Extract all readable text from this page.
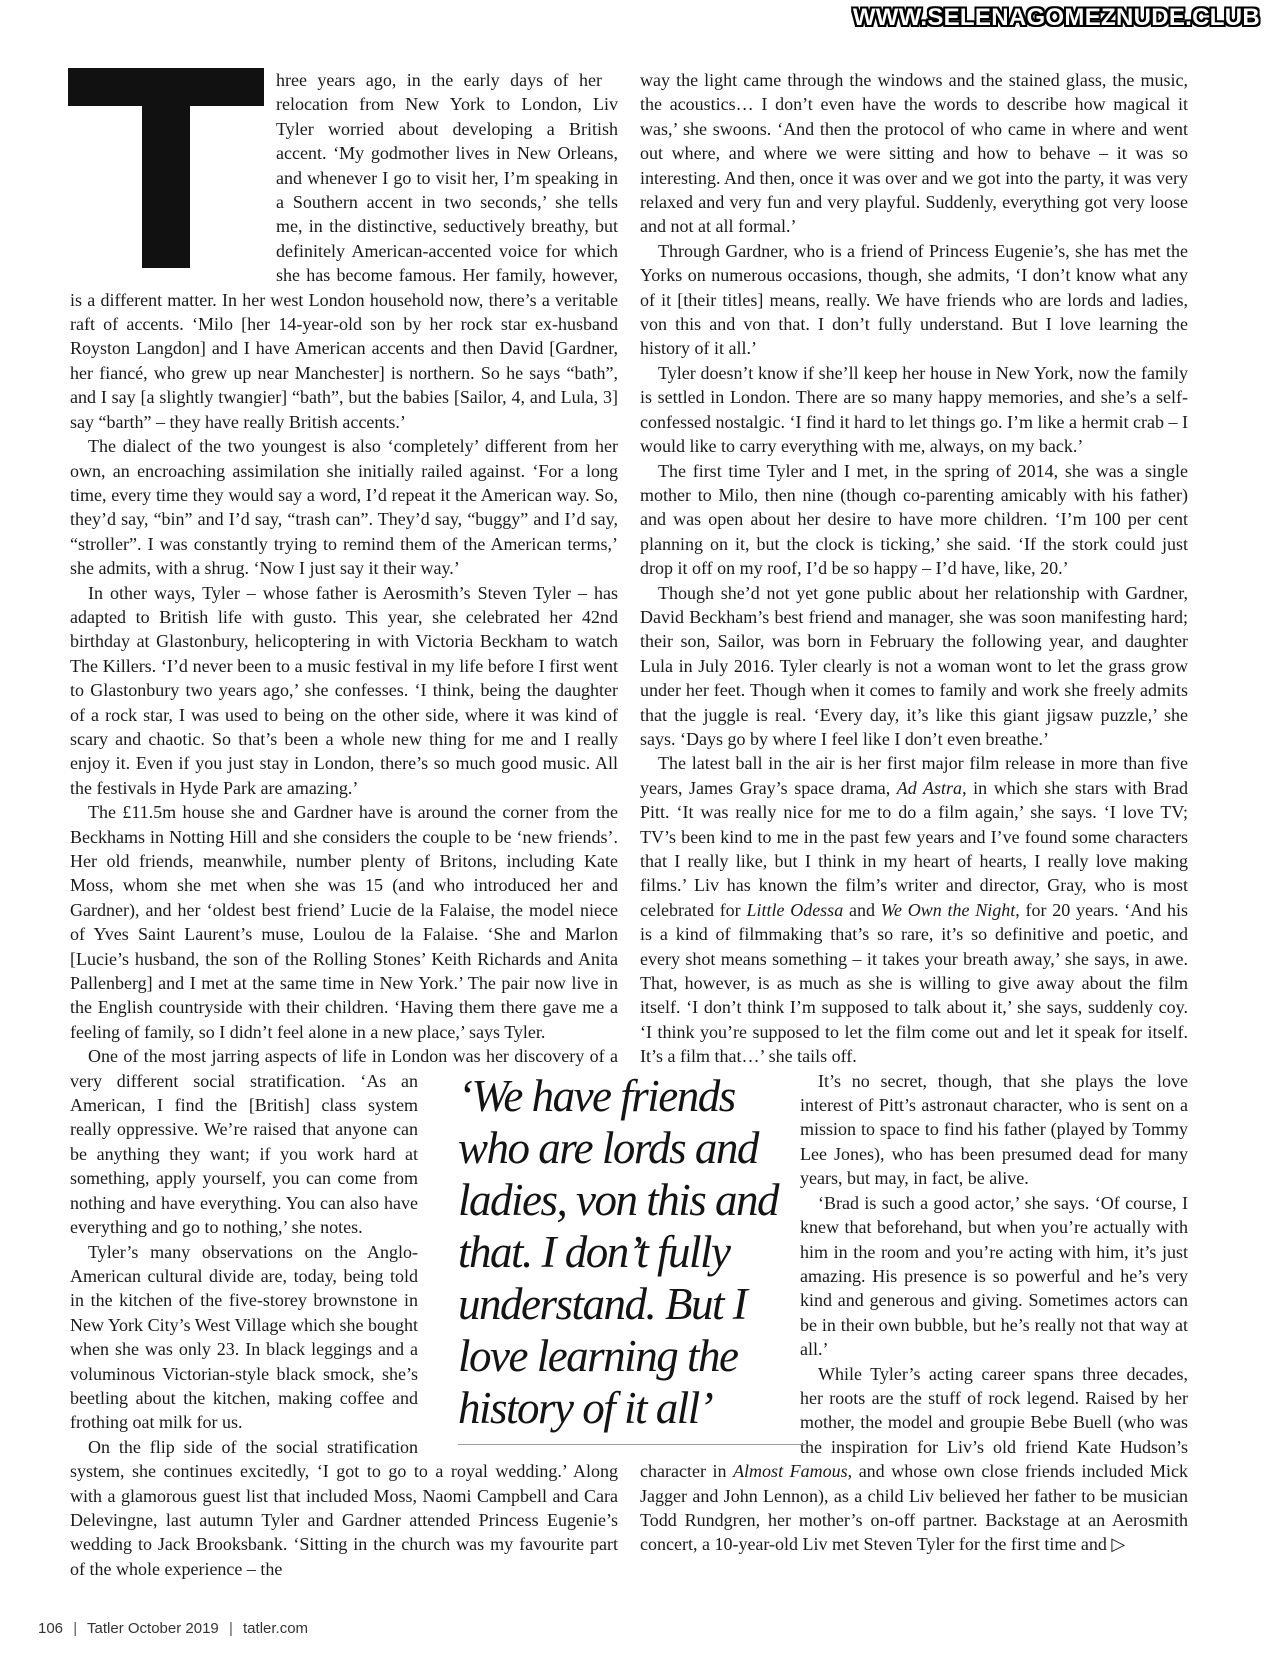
WWW.SELENAGOMEZNUDE.CLUB
T

hree years ago, in the early days of her relocation from New York to London, Liv Tyler worried about developing a British accent. ‘My godmother lives in New Orleans, and whenever I go to visit her, I’m speaking in a Southern accent in two seconds,’ she tells me, in the distinctive, seductively breathy, but definitely American-accented voice for which she has become famous. Her family, however, is a different matter. In her west London household now, there’s a veritable raft of accents. ‘Milo [her 14-year-old son by her rock star ex-husband Royston Langdon] and I have American accents and then David [Gardner, her fiancé, who grew up near Manchester] is northern. So he says “bath”, and I say [a slightly twangier] “bath”, but the babies [Sailor, 4, and Lula, 3] say “barth” – they have really British accents.’

The dialect of the two youngest is also ‘completely’ different from her own, an encroaching assimilation she initially railed against. ‘For a long time, every time they would say a word, I’d repeat it the American way. So, they’d say, “bin” and I’d say, “trash can”. They’d say, “buggy” and I’d say, “stroller”. I was constantly trying to remind them of the American terms,’ she admits, with a shrug. ‘Now I just say it their way.’

In other ways, Tyler – whose father is Aerosmith’s Steven Tyler – has adapted to British life with gusto. This year, she celebrated her 42nd birthday at Glastonbury, helicoptering in with Victoria Beckham to watch The Killers. ‘I’d never been to a music festival in my life before I first went to Glastonbury two years ago,’ she confesses. ‘I think, being the daughter of a rock star, I was used to being on the other side, where it was kind of scary and chaotic. So that’s been a whole new thing for me and I really enjoy it. Even if you just stay in London, there’s so much good music. All the festivals in Hyde Park are amazing.’

The £11.5m house she and Gardner have is around the corner from the Beckhams in Notting Hill and she considers the couple to be ‘new friends’. Her old friends, meanwhile, number plenty of Britons, including Kate Moss, whom she met when she was 15 (and who introduced her and Gardner), and her ‘oldest best friend’ Lucie de la Falaise, the model niece of Yves Saint Laurent’s muse, Loulou de la Falaise. ‘She and Marlon [Lucie’s husband, the son of the Rolling Stones’ Keith Richards and Anita Pallenberg] and I met at the same time in New York.’ The pair now live in the English countryside with their children. ‘Having them there gave me a feeling of family, so I didn’t feel alone in a new place,’ says Tyler.

One of the most jarring aspects of life in London was her discovery of a very different social stratification. ‘As an American, I find the [British] class system really oppressive. We’re raised that anyone can be anything they want; if you work hard at something, apply yourself, you can come from nothing and have everything. You can also have everything and go to nothing,’ she notes.

Tyler’s many observations on the Anglo-American cultural divide are, today, being told in the kitchen of the five-storey brownstone in New York City’s West Village which she bought when she was only 23. In black leggings and a voluminous Victorian-style black smock, she’s beetling about the kitchen, making coffee and frothing oat milk for us.

On the flip side of the social stratification system, she continues excitedly, ‘I got to go to a royal wedding.’ Along with a glamorous guest list that included Moss, Naomi Campbell and Cara Delevingne, last autumn Tyler and Gardner attended Princess Eugenie’s wedding to Jack Brooksbank. ‘Sitting in the church was my favourite part of the whole experience – the

way the light came through the windows and the stained glass, the music, the acoustics… I don’t even have the words to describe how magical it was,’ she swoons. ‘And then the protocol of who came in where and went out where, and where we were sitting and how to behave – it was so interesting. And then, once it was over and we got into the party, it was very relaxed and very fun and very playful. Suddenly, everything got very loose and not at all formal.’

Through Gardner, who is a friend of Princess Eugenie’s, she has met the Yorks on numerous occasions, though, she admits, ‘I don’t know what any of it [their titles] means, really. We have friends who are lords and ladies, von this and von that. I don’t fully understand. But I love learning the history of it all.’

Tyler doesn’t know if she’ll keep her house in New York, now the family is settled in London. There are so many happy memories, and she’s a self-confessed nostalgic. ‘I find it hard to let things go. I’m like a hermit crab – I would like to carry everything with me, always, on my back.’

The first time Tyler and I met, in the spring of 2014, she was a single mother to Milo, then nine (though co-parenting amicably with his father) and was open about her desire to have more children. ‘I’m 100 per cent planning on it, but the clock is ticking,’ she said. ‘If the stork could just drop it off on my roof, I’d be so happy – I’d have, like, 20.’

Though she’d not yet gone public about her relationship with Gardner, David Beckham’s best friend and manager, she was soon manifesting hard; their son, Sailor, was born in February the following year, and daughter Lula in July 2016. Tyler clearly is not a woman wont to let the grass grow under her feet. Though when it comes to family and work she freely admits that the juggle is real. ‘Every day, it’s like this giant jigsaw puzzle,’ she says. ‘Days go by where I feel like I don’t even breathe.’

The latest ball in the air is her first major film release in more than five years, James Gray’s space drama, Ad Astra, in which she stars with Brad Pitt. ‘It was really nice for me to do a film again,’ she says. ‘I love TV; TV’s been kind to me in the past few years and I’ve found some characters that I really like, but I think in my heart of hearts, I really love making films.’ Liv has known the film’s writer and director, Gray, who is most celebrated for Little Odessa and We Own the Night, for 20 years. ‘And his is a kind of filmmaking that’s so rare, it’s so definitive and poetic, and every shot means something – it takes your breath away,’ she says, in awe. That, however, is as much as she is willing to give away about the film itself. ‘I don’t think I’m supposed to talk about it,’ she says, suddenly coy. ‘I think you’re supposed to let the film come out and let it speak for itself. It’s a film that…’ she tails off.

It’s no secret, though, that she plays the love interest of Pitt’s astronaut character, who is sent on a mission to space to find his father (played by Tommy Lee Jones), who has been presumed dead for many years, but may, in fact, be alive.

‘Brad is such a good actor,’ she says. ‘Of course, I knew that beforehand, but when you’re actually with him in the room and you’re acting with him, it’s just amazing. His presence is so powerful and he’s very kind and generous and giving. Sometimes actors can be in their own bubble, but he’s really not that way at all.’

While Tyler’s acting career spans three decades, her roots are the stuff of rock legend. Raised by her mother, the model and groupie Bebe Buell (who was the inspiration for Liv’s old friend Kate Hudson’s character in Almost Famous, and whose own close friends included Mick Jagger and John Lennon), as a child Liv believed her father to be musician Todd Rundgren, her mother’s on-off partner. Backstage at an Aerosmith concert, a 10-year-old Liv met Steven Tyler for the first time and ▷

‘We have friends who are lords and ladies, von this and that. I don’t fully understand. But I love learning the history of it all’
106 | Tatler October 2019 | tatler.com
